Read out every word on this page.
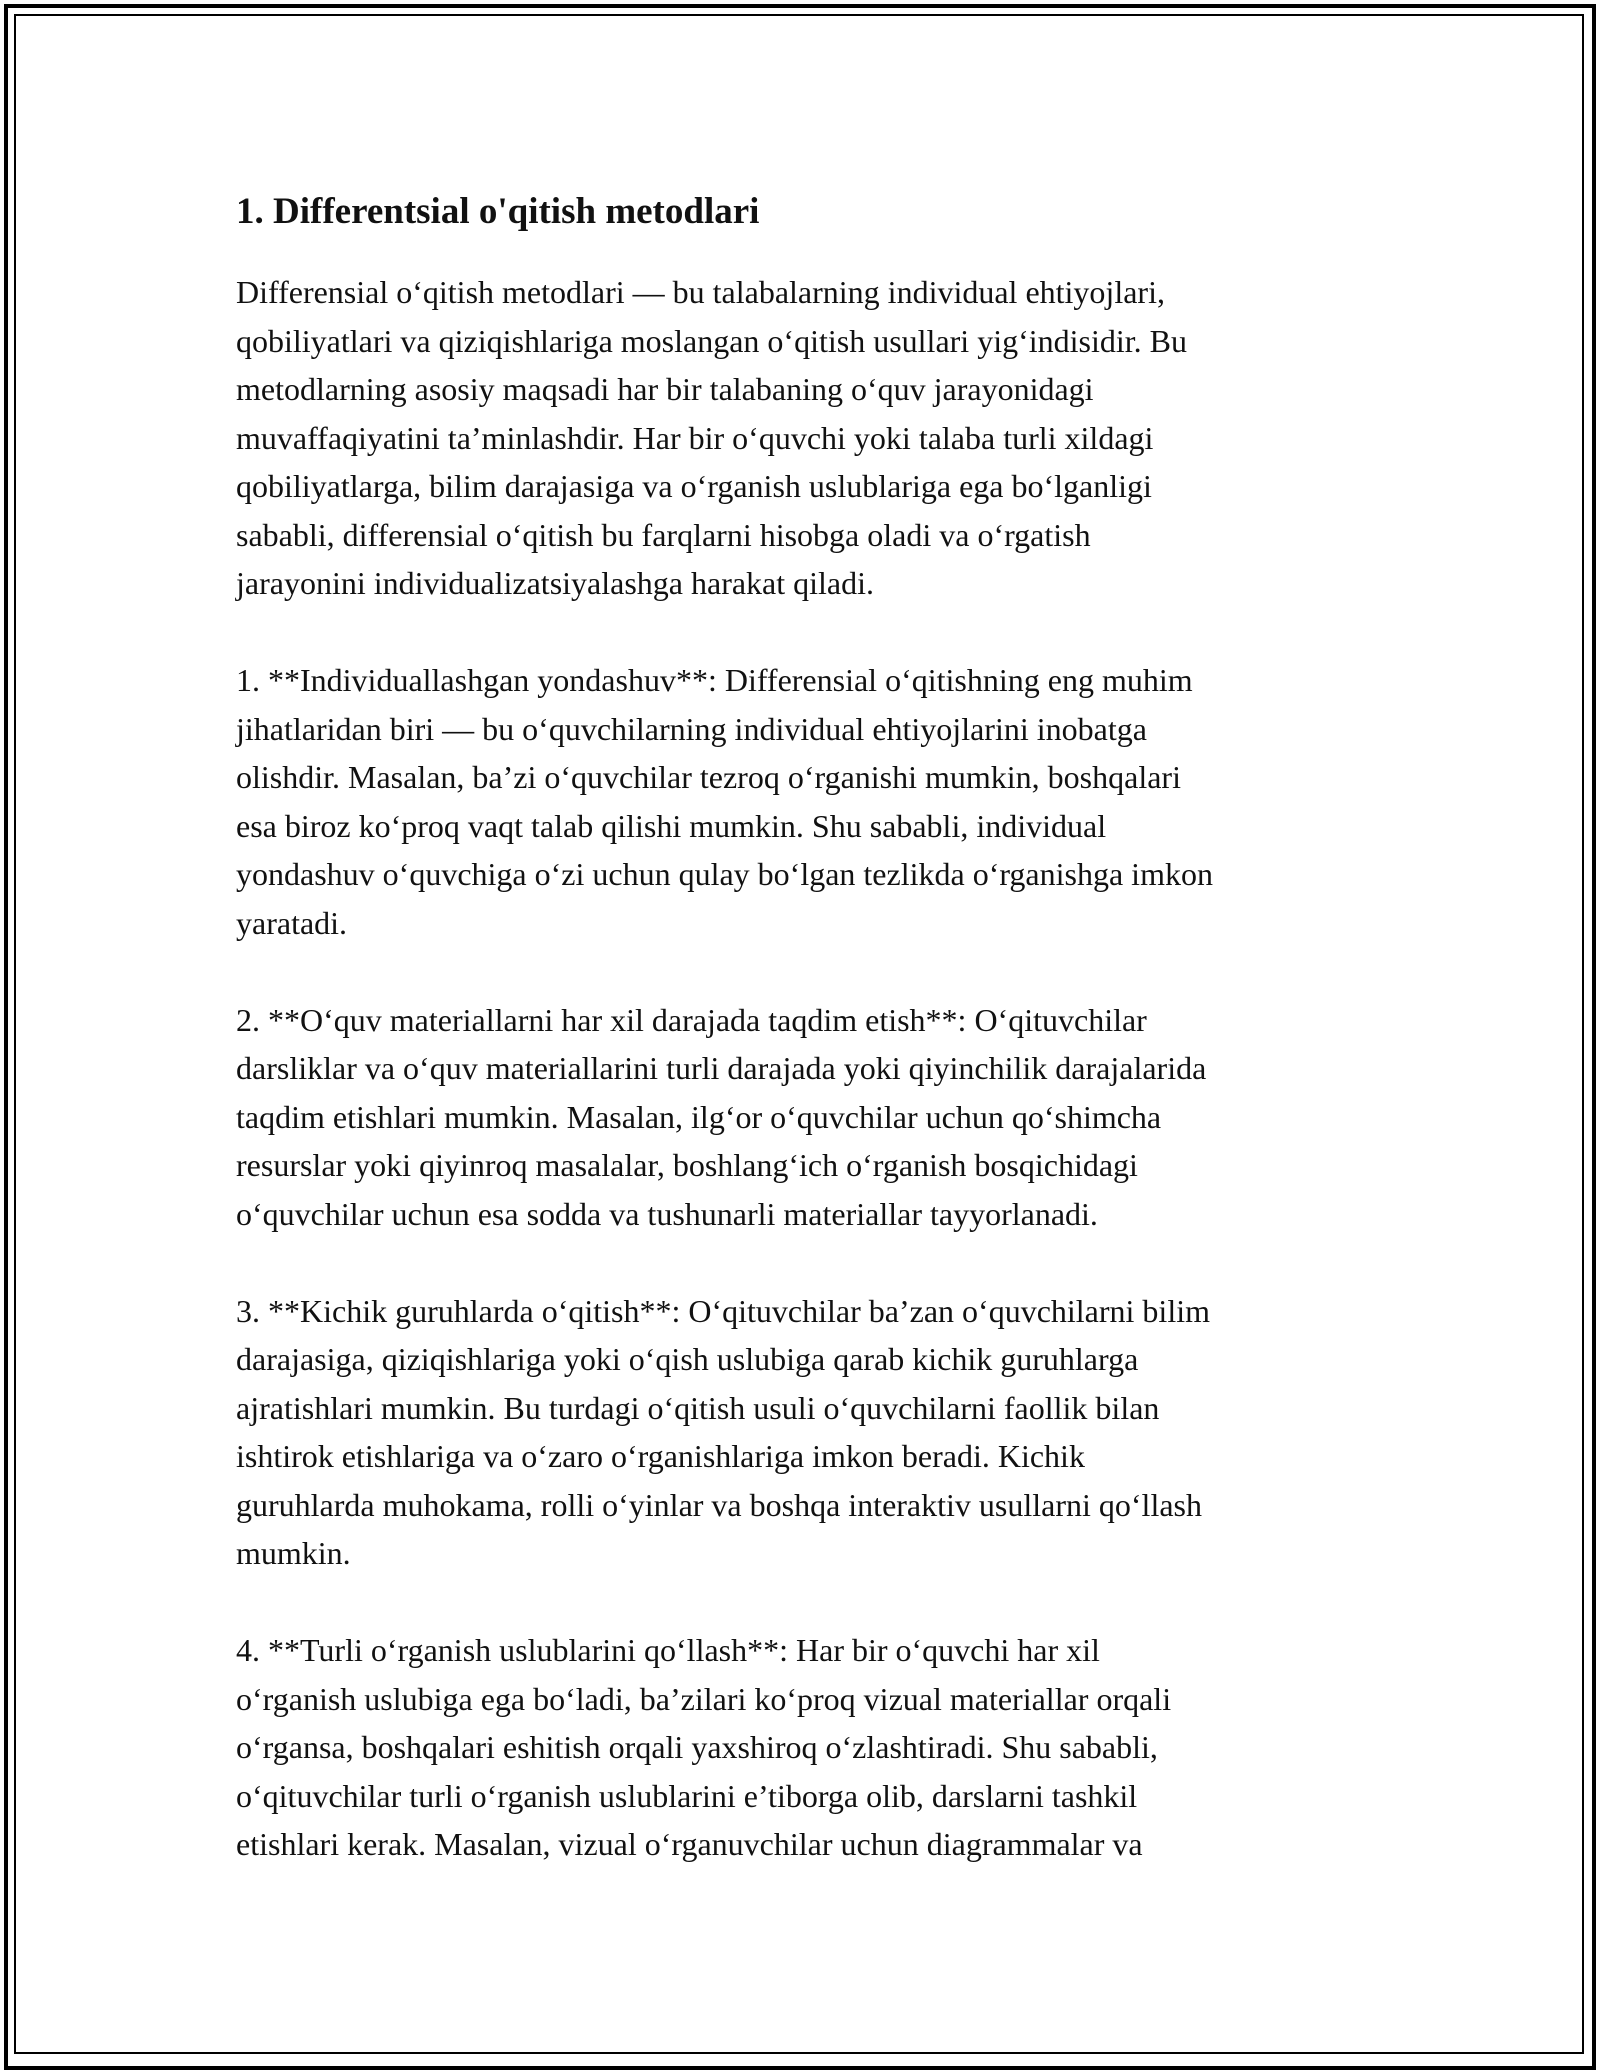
1. Differentsial o'qitish metodlari

Differensial o‘qitish metodlari — bu talabalarning individual ehtiyojlari,
qobiliyatlari va qiziqishlariga moslangan o‘qitish usullari yig‘indisidir. Bu
metodlarning asosiy maqsadi har bir talabaning o‘quv jarayonidagi
muvaffaqiyatini ta’minlashdir. Har bir o‘quvchi yoki talaba turli xildagi
qobiliyatlarga, bilim darajasiga va o‘rganish uslublariga ega bo‘lganligi
sababli, differensial o‘qitish bu farqlarni hisobga oladi va o‘rgatish
jarayonini individualizatsiyalashga harakat qiladi.

1. **Individuallashgan yondashuv**: Differensial o‘qitishning eng muhim
jihatlaridan biri — bu o‘quvchilarning individual ehtiyojlarini inobatga
olishdir. Masalan, ba’zi o‘quvchilar tezroq o‘rganishi mumkin, boshqalari
esa biroz ko‘proq vaqt talab qilishi mumkin. Shu sababli, individual
yondashuv o‘quvchiga o‘zi uchun qulay bo‘lgan tezlikda o‘rganishga imkon
yaratadi.

2. **O‘quv materiallarni har xil darajada taqdim etish**: O‘qituvchilar
darsliklar va o‘quv materiallarini turli darajada yoki qiyinchilik darajalarida
taqdim etishlari mumkin. Masalan, ilg‘or o‘quvchilar uchun qo‘shimcha
resurslar yoki qiyinroq masalalar, boshlang‘ich o‘rganish bosqichidagi
o‘quvchilar uchun esa sodda va tushunarli materiallar tayyorlanadi.

3. **Kichik guruhlarda o‘qitish**: O‘qituvchilar ba’zan o‘quvchilarni bilim
darajasiga, qiziqishlariga yoki o‘qish uslubiga qarab kichik guruhlarga
ajratishlari mumkin. Bu turdagi o‘qitish usuli o‘quvchilarni faollik bilan
ishtirok etishlariga va o‘zaro o‘rganishlariga imkon beradi. Kichik
guruhlarda muhokama, rolli o‘yinlar va boshqa interaktiv usullarni qo‘llash
mumkin.

4. **Turli o‘rganish uslublarini qo‘llash**: Har bir o‘quvchi har xil
o‘rganish uslubiga ega bo‘ladi, ba’zilari ko‘proq vizual materiallar orqali
o‘rgansa, boshqalari eshitish orqali yaxshiroq o‘zlashtiradi. Shu sababli,
o‘qituvchilar turli o‘rganish uslublarini e’tiborga olib, darslarni tashkil
etishlari kerak. Masalan, vizual o‘rganuvchilar uchun diagrammalar va
